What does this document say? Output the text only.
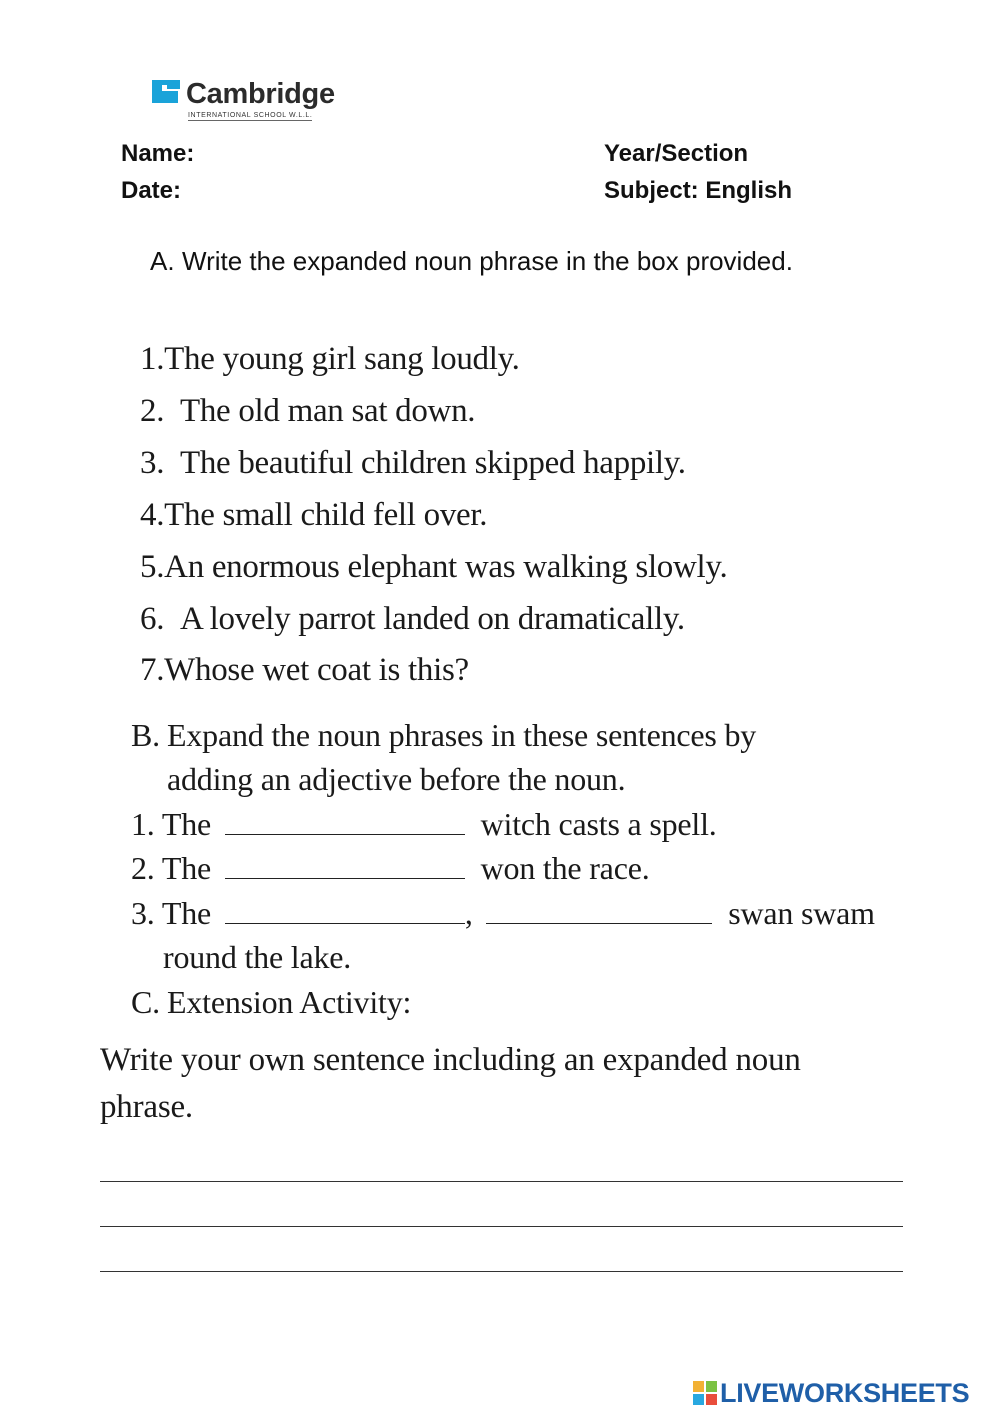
Cambridge
INTERNATIONAL SCHOOL W.L.L.
Name:
Date:
Year/Section
Subject: English
A. Write the expanded noun phrase in the box provided.
1.The young girl sang loudly.
2. The old man sat down.
3. The beautiful children skipped happily.
4.The small child fell over.
5.An enormous elephant was walking slowly.
6. A lovely parrot landed on dramatically.
7.Whose wet coat is this?
B. Expand the noun phrases in these sentences by
adding an adjective before the noun.
1. The	witch casts a spell.
2. The	won the race.
3. The	,	swan swam
round the lake.
C. Extension Activity:
Write your own sentence including an expanded noun
phrase.
LIVEWORKSHEETS
